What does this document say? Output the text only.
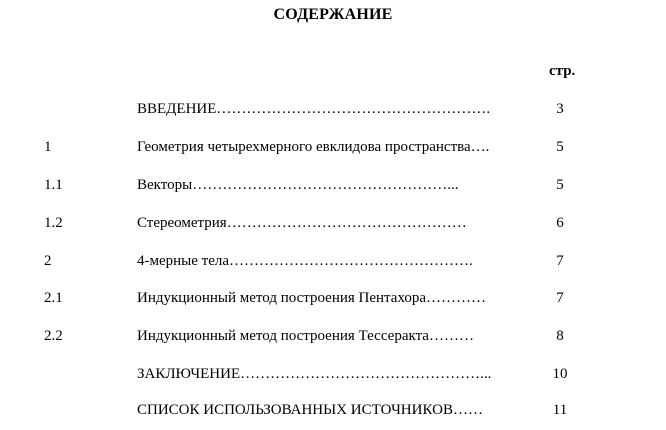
СОДЕРЖАНИЕ
стр.
ВВЕДЕНИЕ……………………………………………….	3
1	Геометрия четырехмерного евклидова пространства….	5
1.1	Векторы……………………………………………...	5
1.2	Стереометрия…………………………………………	6
2	4-мерные тела………………………………………….	7
2.1	Индукционный метод построения Пентахора…………	7
2.2	Индукционный метод построения Тессеракта………	8
ЗАКЛЮЧЕНИЕ…………………………………………...	10
СПИСОК ИСПОЛЬЗОВАННЫХ ИСТОЧНИКОВ……	11
